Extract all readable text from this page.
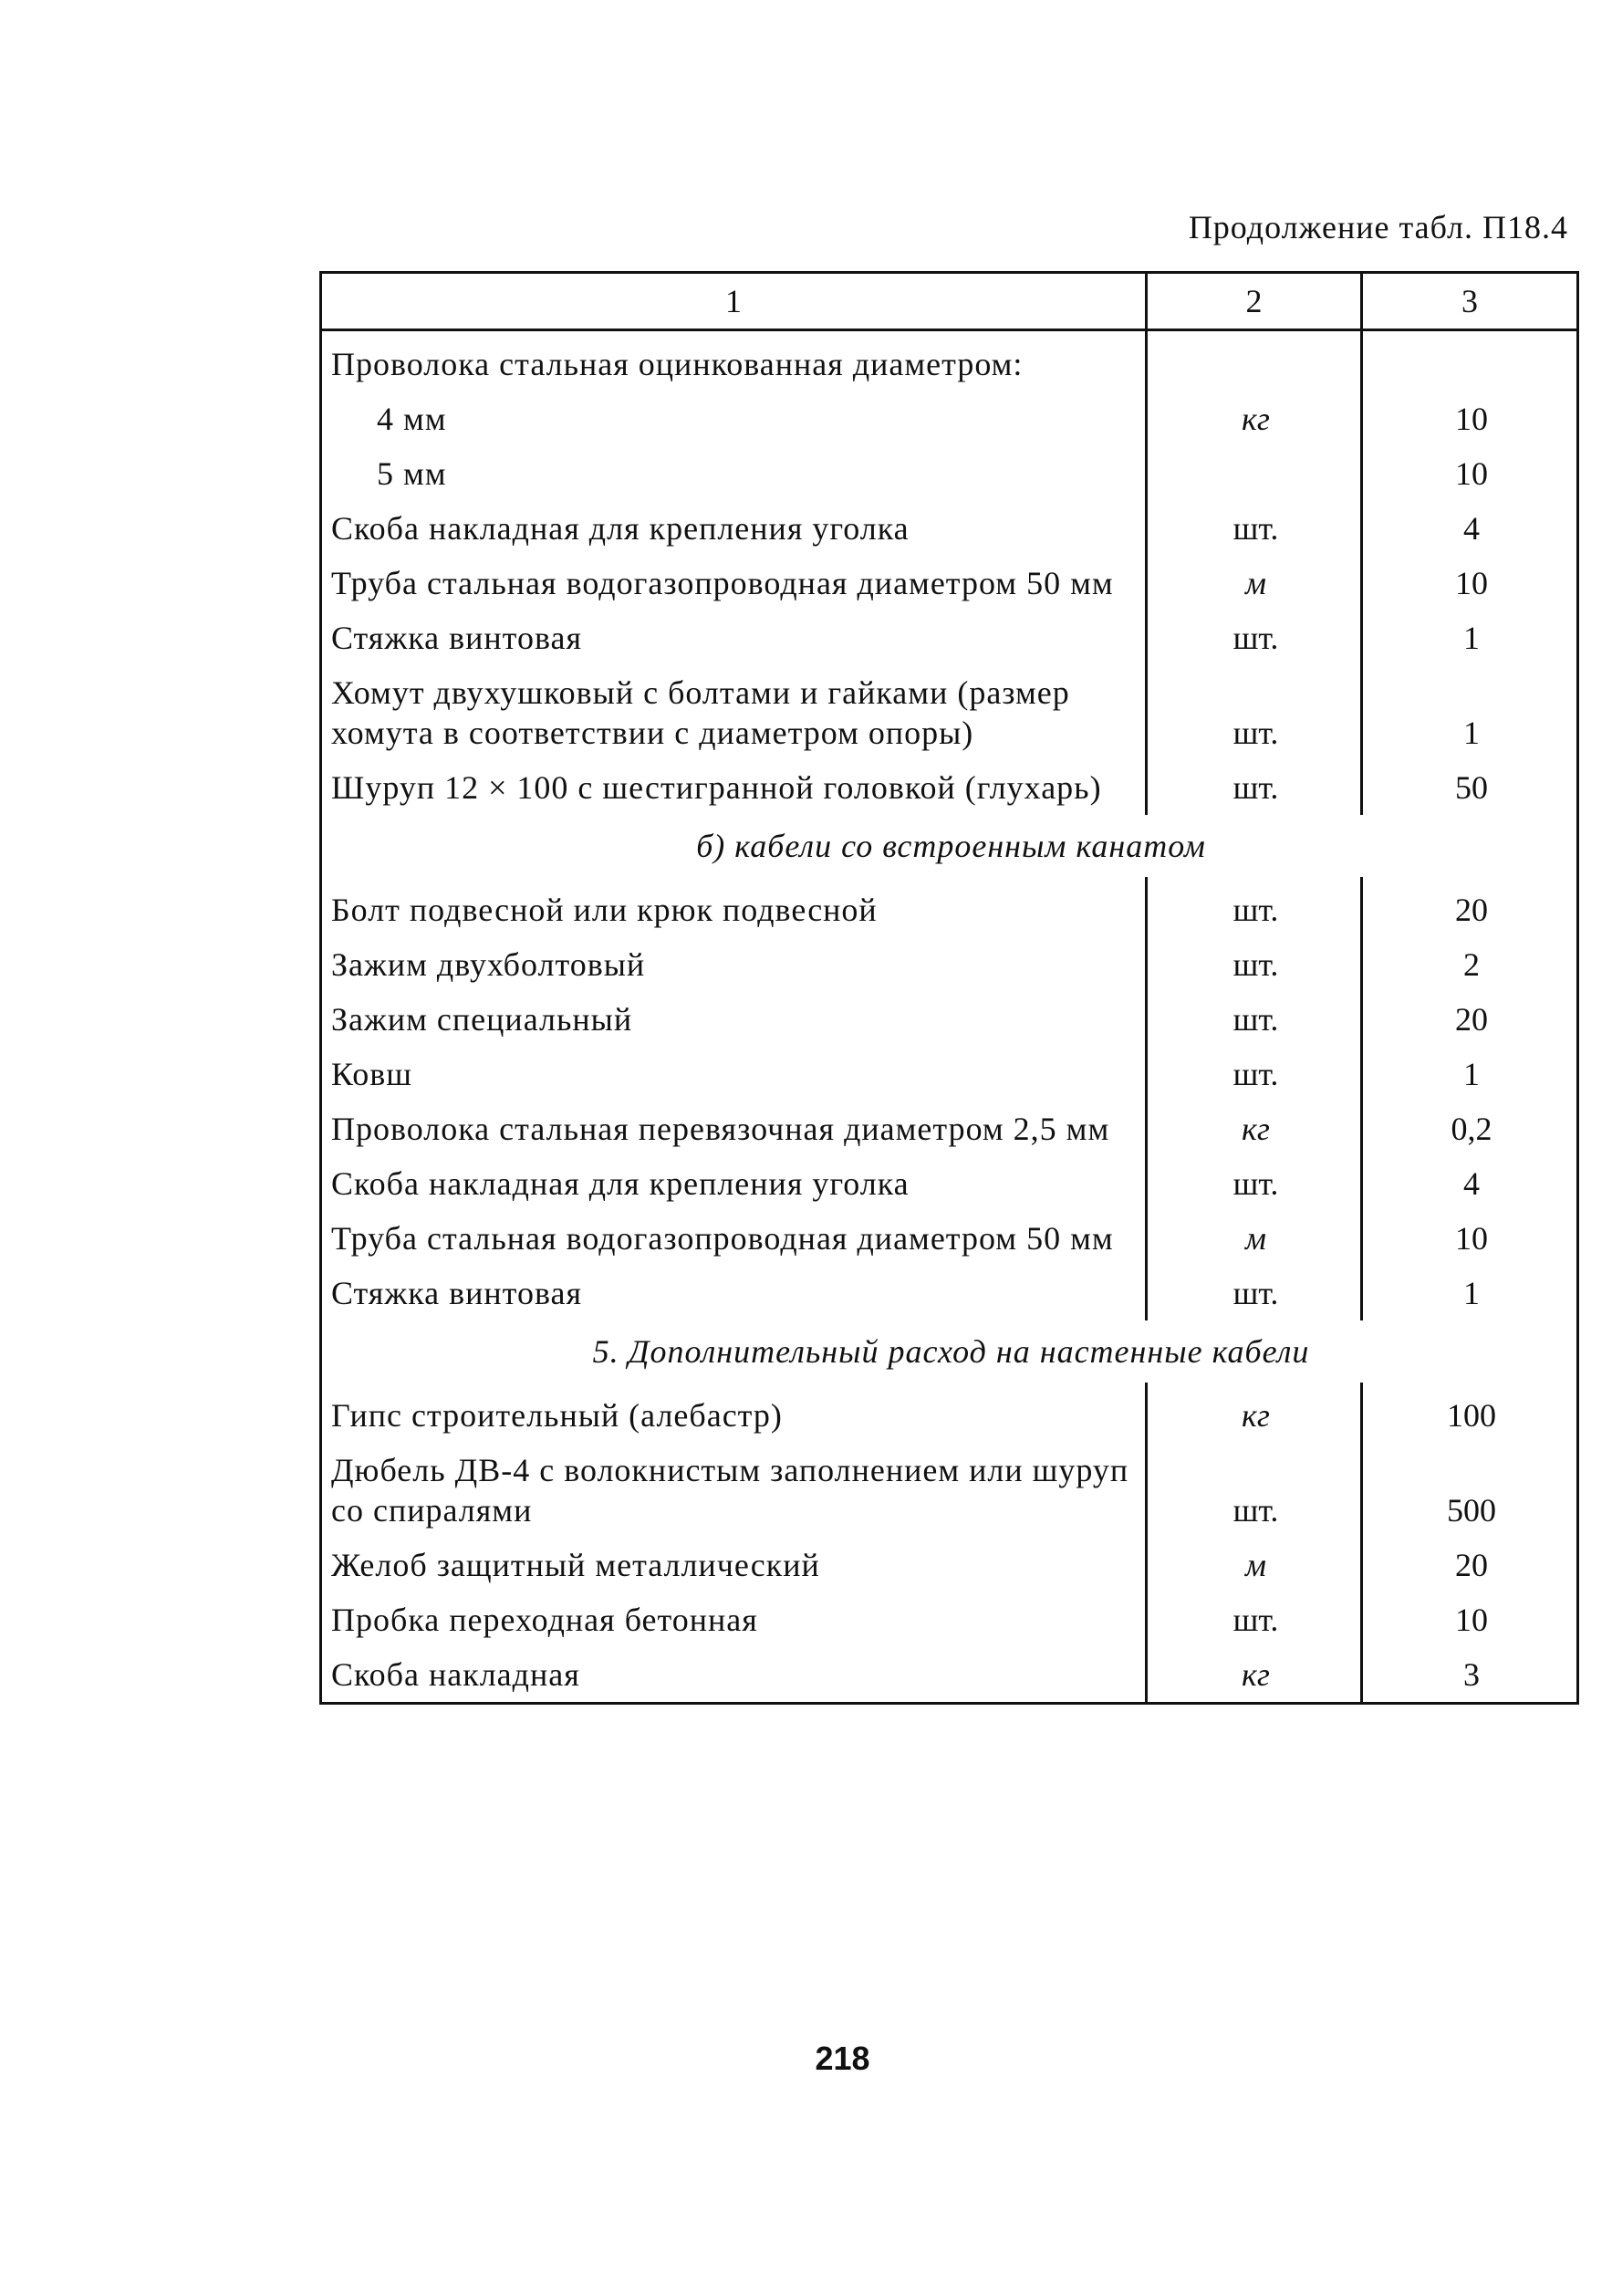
Продолжение табл. П18.4
1	2	3
Проволока стальная оцинкованная диаметром:		
4 мм	кг	10
5 мм		10
Скоба накладная для крепления уголка	шт.	4
Труба стальная водогазопроводная диаметром 50 мм	м	10
Стяжка винтовая	шт.	1
Хомут двухушковый с болтами и гайками (размер хомута в соответствии с диаметром опоры)	шт.	1
Шуруп 12 × 100 с шестигранной головкой (глухарь)	шт.	50
б) кабели со встроенным канатом		
Болт подвесной или крюк подвесной	шт.	20
Зажим двухболтовый	шт.	2
Зажим специальный	шт.	20
Ковш	шт.	1
Проволока стальная перевязочная диаметром 2,5 мм	кг	0,2
Скоба накладная для крепления уголка	шт.	4
Труба стальная водогазопроводная диаметром 50 мм	м	10
Стяжка винтовая	шт.	1
5. Дополнительный расход на настенные кабели		
Гипс строительный (алебастр)	кг	100
Дюбель ДВ-4 с волокнистым заполнением или шуруп со спиралями	шт.	500
Желоб защитный металлический	м	20
Пробка переходная бетонная	шт.	10
Скоба накладная	кг	3
218
